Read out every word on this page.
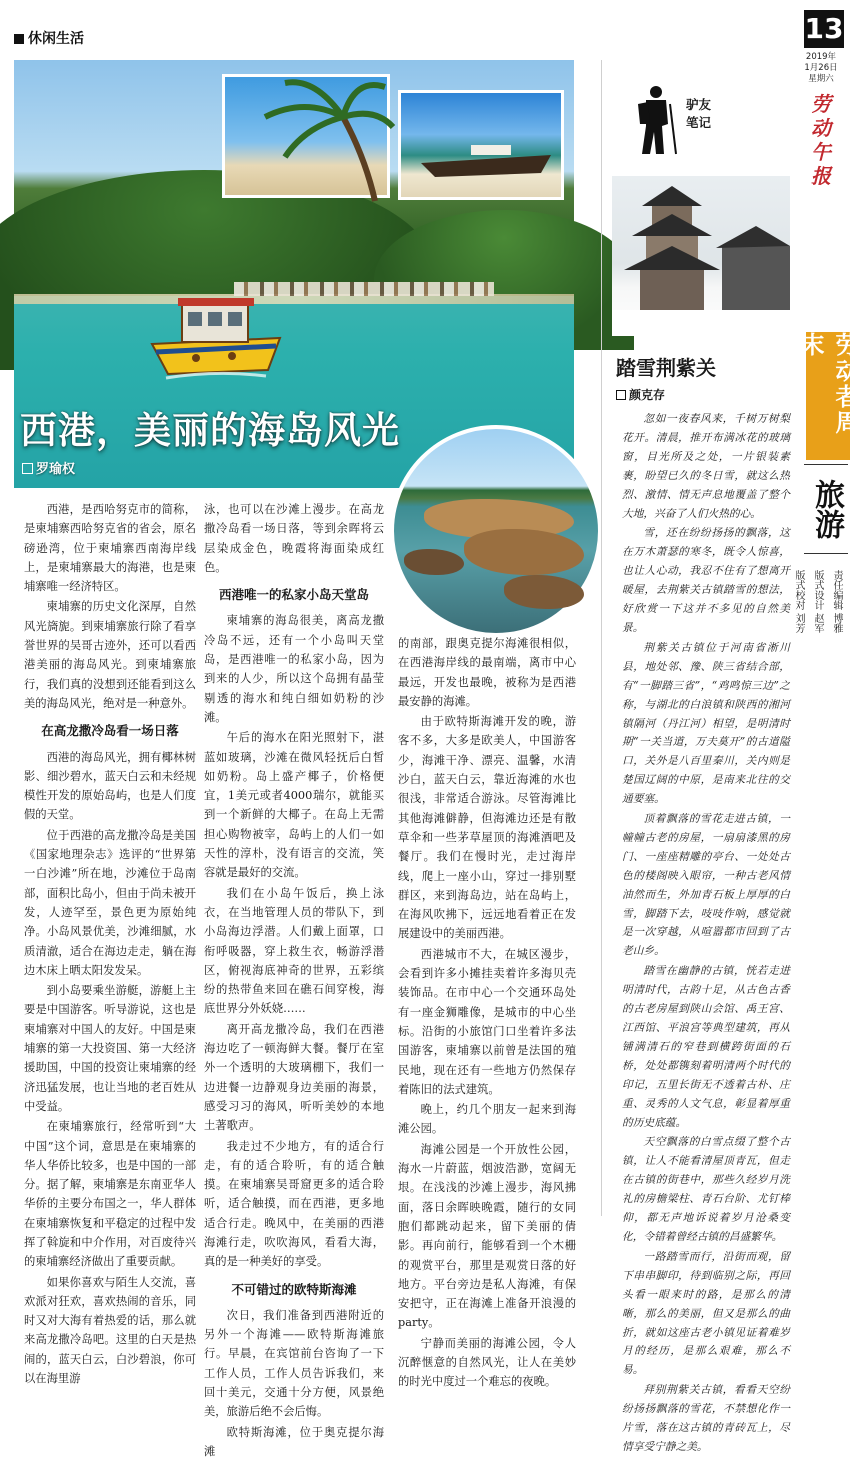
休闲生活	13
2019年
1月26日
星期六
劳动午报
劳动者周末
旅游
责任编辑 博雅
版式设计 赵军
版式校对 刘芳
西港，美丽的海岛风光
罗瑜权

西港，是西哈努克市的简称，是柬埔寨西哈努克省的省会，原名磅逊湾，位于柬埔寨西南海岸线上，是柬埔寨最大的海港，也是柬埔寨唯一经济特区。

柬埔寨的历史文化深厚，自然风光旖旎。到柬埔寨旅行除了看享誉世界的吴哥古迹外，还可以看西港美丽的海岛风光。到柬埔寨旅行，我们真的没想到还能看到这么美的海岛风光，绝对是一种意外。

在高龙撒冷岛看一场日落

西港的海岛风光，拥有椰林树影、细沙碧水，蓝天白云和未经规模性开发的原始岛屿，也是人们度假的天堂。

位于西港的高龙撒冷岛是美国《国家地理杂志》选评的“世界第一白沙滩”所在地，沙滩位于岛南部，面积比岛小，但由于尚未被开发，人迹罕至，景色更为原始纯净。小岛风景优美，沙滩细腻，水质清澈，适合在海边走走，躺在海边木床上晒太阳发发呆。

到小岛要乘坐游艇，游艇上主要是中国游客。听导游说，这也是柬埔寨对中国人的友好。中国是柬埔寨的第一大投资国、第一大经济援助国，中国的投资让柬埔寨的经济迅猛发展，也让当地的老百姓从中受益。

在柬埔寨旅行，经常听到“大中国”这个词，意思是在柬埔寨的华人华侨比较多，也是中国的一部分。据了解，柬埔寨是东南亚华人华侨的主要分布国之一，华人群体在柬埔寨恢复和平稳定的过程中发挥了斡旋和中介作用，对百废待兴的柬埔寨经济做出了重要贡献。

如果你喜欢与陌生人交流，喜欢派对狂欢，喜欢热闹的音乐，同时又对大海有着热爱的话，那么就来高龙撒冷岛吧。这里的白天是热闹的，蓝天白云，白沙碧浪，你可以在海里游

泳，也可以在沙滩上漫步。在高龙撒冷岛看一场日落，等到余晖将云层染成金色，晚霞将海面染成红色。

西港唯一的私家小岛天堂岛

柬埔寨的海岛很美，离高龙撒冷岛不远，还有一个小岛叫天堂岛，是西港唯一的私家小岛，因为到来的人少，所以这个岛拥有晶莹剔透的海水和纯白细如奶粉的沙滩。

午后的海水在阳光照射下，湛蓝如玻璃，沙滩在微风轻抚后白皙如奶粉。岛上盛产椰子，价格便宜，1美元或者4000瑞尔，就能买到一个新鲜的大椰子。在岛上无需担心购物被宰，岛屿上的人们一如天性的淳朴，没有语言的交流，笑容就是最好的交流。

我们在小岛午饭后，换上泳衣，在当地管理人员的带队下，到小岛海边浮潜。人们戴上面罩，口衔呼吸器，穿上救生衣，畅游浮潜区，俯视海底神奇的世界，五彩缤纷的热带鱼来回在礁石间穿梭，海底世界分外妖娆……

离开高龙撒冷岛，我们在西港海边吃了一顿海鲜大餐。餐厅在室外一个透明的大玻璃棚下，我们一边进餐一边静观身边美丽的海景，感受习习的海风，听听美妙的本地土著歌声。

我走过不少地方，有的适合行走，有的适合聆听，有的适合触摸。在柬埔寨吴哥窟更多的适合聆听，适合触摸，而在西港，更多地适合行走。晚风中，在美丽的西港海滩行走，吹吹海风，看看大海，真的是一种美好的享受。

不可错过的欧特斯海滩

次日，我们准备到西港附近的另外一个海滩——欧特斯海滩旅行。早晨，在宾馆前台咨询了一下工作人员，工作人员告诉我们，来回十美元，交通十分方便，风景绝美，旅游后绝不会后悔。

欧特斯海滩，位于奥克提尔海滩

的南部，跟奥克提尔海滩很相似，在西港海岸线的最南端，离市中心最远，开发也最晚，被称为是西港最安静的海滩。

由于欧特斯海滩开发的晚，游客不多，大多是欧美人，中国游客少，海滩干净、漂亮、温馨，水清沙白，蓝天白云，靠近海滩的水也很浅，非常适合游泳。尽管海滩比其他海滩僻静，但海滩边还是有散草伞和一些茅草屋顶的海滩酒吧及餐厅。我们在慢时光，走过海岸线，爬上一座小山，穿过一排别墅群区，来到海岛边，站在岛屿上，在海风吹拂下，远远地看着正在发展建设中的美丽西港。

西港城市不大，在城区漫步，会看到许多小摊挂卖着许多海贝壳装饰品。在市中心一个交通环岛处有一座金狮雕像，是城市的中心坐标。沿街的小旅馆门口坐着许多法国游客，柬埔寨以前曾是法国的殖民地，现在还有一些地方仍然保存着陈旧的法式建筑。

晚上，约几个朋友一起来到海滩公园。

海滩公园是一个开放性公园，海水一片蔚蓝，烟波浩渺，宽阔无垠。在浅浅的沙滩上漫步，海风拂面，落日余晖映晚霞，随行的女同胞们都跳动起来，留下美丽的倩影。再向前行，能够看到一个木栅的观赏平台，那里是观赏日落的好地方。平台旁边是私人海滩，有保安把守，正在海滩上准备开浪漫的party。

宁静而美丽的海滩公园，令人沉醉惬意的自然风光，让人在美妙的时光中度过一个难忘的夜晚。

驴友
笔记
踏雪荆紫关
颜克存

忽如一夜春风来，千树万树梨花开。清晨，推开布满冰花的玻璃窗，目光所及之处，一片银装素裹，盼望已久的冬日雪，就这么热烈、激情、情无声息地覆盖了整个大地，兴奋了人们火热的心。

雪，还在纷纷扬扬的飘落，这在万木萧瑟的寒冬，既令人惊喜，也让人心动，我忍不住有了想离开暖屋，去荆紫关古镇踏雪的想法，好欣赏一下这并不多见的自然美景。

荆紫关古镇位于河南省淅川县，地处邻、豫、陕三省结合部，有“一脚踏三省”，“鸡鸣惊三边”之称，与湖北的白浪镇和陕西的湘河镇隔河（丹江河）相望，是明清时期“一关当道，万夫莫开”的古道隘口，关外是八百里秦川，关内则是楚国辽阔的中原，是南来北往的交通要塞。

顶着飘落的雪花走进古镇，一幢幢古老的房屋，一扇扇漆黑的房门、一座座精雕的亭台、一处处古色的楼阁映入眼帘，一种古老风情油然而生，外加青石板上厚厚的白雪，脚踏下去，吱吱作响，感觉就是一次穿越，从喧嚣都市回到了古老山乡。

踏雪在幽静的古镇，恍若走进明清时代，古韵十足，从古色古香的古老房屋到陕山会馆、禹王宫、江西馆、平浪宫等典型建筑，再从铺满清石的窄巷到横跨街面的石桥，处处都镌刻着明清两个时代的印记，五里长街无不透着古朴、庄重、灵秀的人文气息，彰显着厚重的历史底蕴。

天空飘落的白雪点缀了整个古镇，让人不能看清屋顶青瓦，但走在古镇的街巷中，那些久经岁月洗礼的房檐梁柱、青石台阶、尤钉棒仰，都无声地诉说着岁月沧桑变化，令错着曾经古镇的昌盛繁华。

一路踏雪而行，沿街而观，留下串串脚印，待到临别之际，再回头看一眼来时的路，是那么的清晰，那么的美丽，但又是那么的曲折，就如这座古老小镇见证着难岁月的经历，是那么艰难，那么不易。

拜别荆紫关古镇，看看天空纷纷扬扬飘落的雪花，不禁想化作一片雪，落在这古镇的青砖瓦上，尽情享受宁静之美。
